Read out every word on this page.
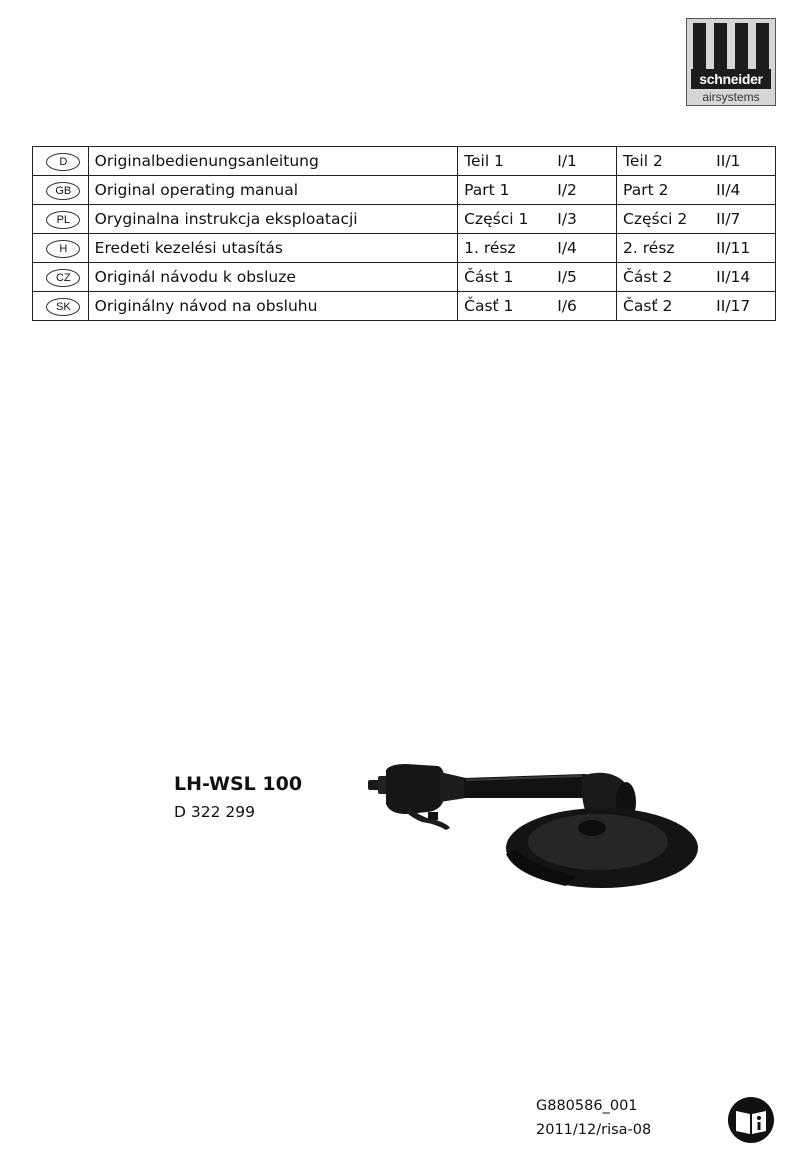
schneider
airsystems
D	Originalbedienungsanleitung	Teil 1	I/1	Teil 2	II/1
GB	Original operating manual	Part 1	I/2	Part 2	II/4
PL	Oryginalna instrukcja eksploatacji	Części 1	I/3	Części 2	II/7
H	Eredeti kezelési utasítás	1. rész	I/4	2. rész	II/11
CZ	Originál návodu k obsluze	Část 1	I/5	Část 2	II/14
SK	Originálny návod na obsluhu	Časť 1	I/6	Časť 2	II/17
LH-WSL 100
D 322 299
G880586_001
2011/12/risa-08
